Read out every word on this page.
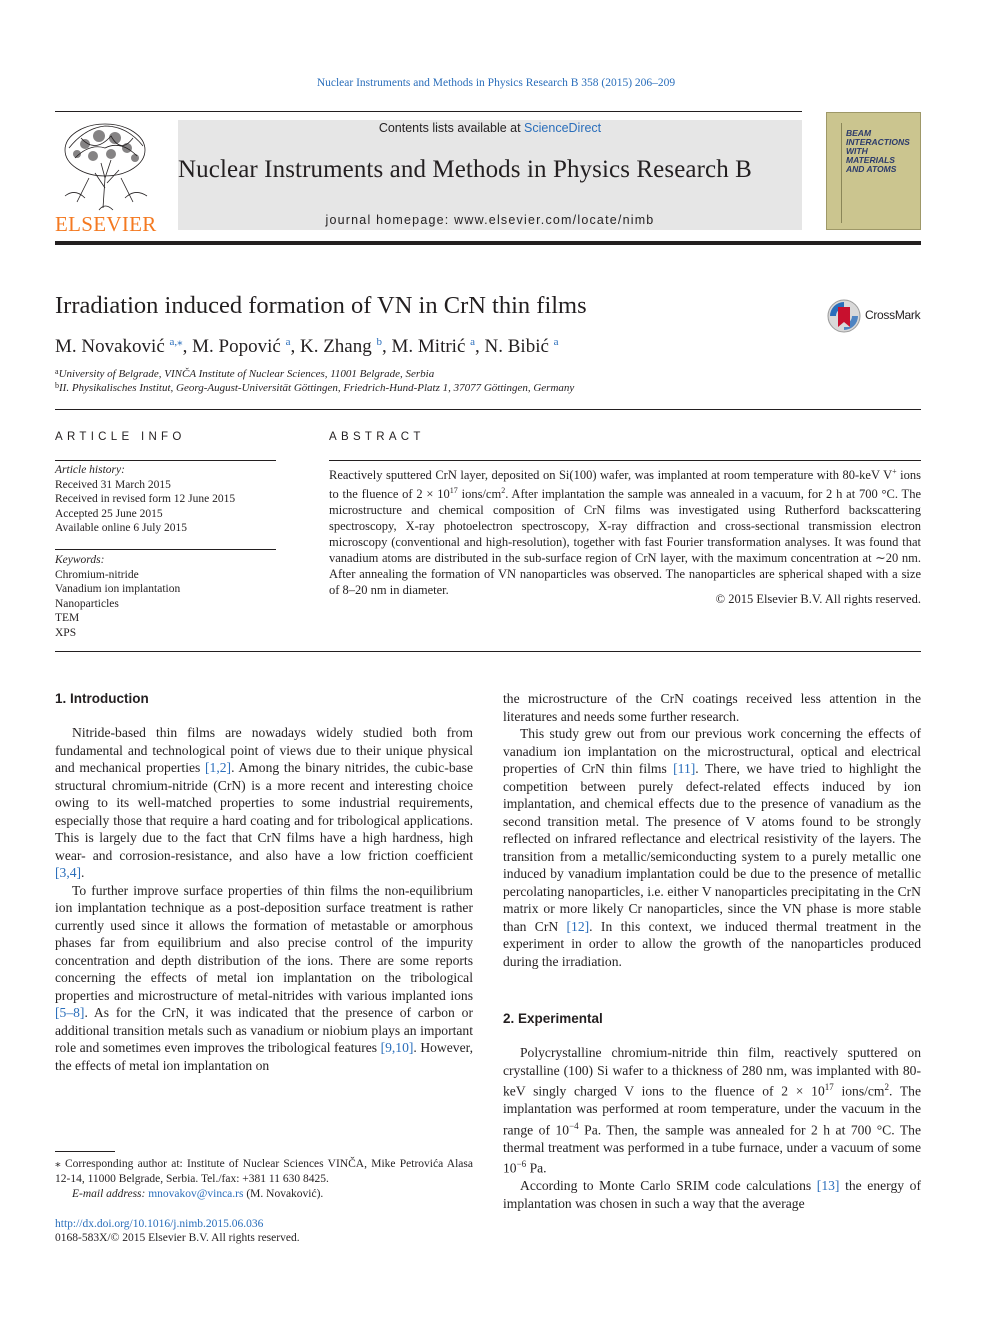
Nuclear Instruments and Methods in Physics Research B 358 (2015) 206–209
ELSEVIER
Contents lists available at ScienceDirect
Nuclear Instruments and Methods in Physics Research B
journal homepage: www.elsevier.com/locate/nimb
BEAM
INTERACTIONS
WITH
MATERIALS
AND ATOMS
Irradiation induced formation of VN in CrN thin films	CrossMark
M. Novaković $^{a,⁎}$, M. Popović $^a$, K. Zhang $^b$, M. Mitrić $^a$, N. Bibić $^a$
$^a$University of Belgrade, VINČA Institute of Nuclear Sciences, 11001 Belgrade, Serbia
$^b$II. Physikalisches Institut, Georg-August-Universität Göttingen, Friedrich-Hund-Platz 1, 37077 Göttingen, Germany
ARTICLE INFO
Article history:
Received 31 March 2015
Received in revised form 12 June 2015
Accepted 25 June 2015
Available online 6 July 2015
Keywords:
Chromium-nitride
Vanadium ion implantation
Nanoparticles
TEM
XPS
ABSTRACT
Reactively sputtered CrN layer, deposited on Si(100) wafer, was implanted at room temperature with 80-keV V+ ions to the fluence of $2 \times 10^{17}$ ions/$cm^2$. After implantation the sample was annealed in a vacuum, for 2 h at 700 °C. The microstructure and chemical composition of CrN films was investigated using Rutherford backscattering spectroscopy, X-ray photoelectron spectroscopy, X-ray diffraction and cross-sectional transmission electron microscopy (conventional and high-resolution), together with fast Fourier transformation analyses. It was found that vanadium atoms are distributed in the sub-surface region of CrN layer, with the maximum concentration at ∼20 nm. After annealing the formation of VN nanoparticles was observed. The nanoparticles are spherical shaped with a size of 8–20 nm in diameter.
© 2015 Elsevier B.V. All rights reserved.
1. Introduction

Nitride-based thin films are nowadays widely studied both from fundamental and technological point of views due to their unique physical and mechanical properties [1,2]. Among the binary nitrides, the cubic-base structural chromium-nitride (CrN) is a more recent and interesting choice owing to its well-matched properties to some industrial requirements, especially those that require a hard coating and for tribological applications. This is largely due to the fact that CrN films have a high hardness, high wear- and corrosion-resistance, and also have a low friction coefficient [3,4].

To further improve surface properties of thin films the non-equilibrium ion implantation technique as a post-deposition surface treatment is rather currently used since it allows the formation of metastable or amorphous phases far from equilibrium and also precise control of the impurity concentration and depth distribution of the ions. There are some reports concerning the effects of metal ion implantation on the tribological properties and microstructure of metal-nitrides with various implanted ions [5–8]. As for the CrN, it was indicated that the presence of carbon or additional transition metals such as vanadium or niobium plays an important role and sometimes even improves the tribological features [9,10]. However, the effects of metal ion implantation on

⁎ Corresponding author at: Institute of Nuclear Sciences VINČA, Mike Petrovića Alasa 12-14, 11000 Belgrade, Serbia. Tel./fax: +381 11 630 8425.
E-mail address: mnovakov@vinca.rs (M. Novaković).
http://dx.doi.org/10.1016/j.nimb.2015.06.036
0168-583X/© 2015 Elsevier B.V. All rights reserved.

the microstructure of the CrN coatings received less attention in the literatures and needs some further research.

This study grew out from our previous work concerning the effects of vanadium ion implantation on the microstructural, optical and electrical properties of CrN thin films [11]. There, we have tried to highlight the competition between purely defect-related effects induced by ion implantation, and chemical effects due to the presence of vanadium as the second transition metal. The presence of V atoms found to be strongly reflected on infrared reflectance and electrical resistivity of the layers. The transition from a metallic/semiconducting system to a purely metallic one induced by vanadium implantation could be due to the presence of metallic percolating nanoparticles, i.e. either V nanoparticles precipitating in the CrN matrix or more likely Cr nanoparticles, since the VN phase is more stable than CrN [12]. In this context, we induced thermal treatment in the experiment in order to allow the growth of the nanoparticles produced during the irradiation.

2. Experimental

Polycrystalline chromium-nitride thin film, reactively sputtered on crystalline (100) Si wafer to a thickness of 280 nm, was implanted with 80-keV singly charged V ions to the fluence of $2 \times 10^{17}$ ions/$cm^2$. The implantation was performed at room temperature, under the vacuum in the range of $10^{-4}$ Pa. Then, the sample was annealed for 2 h at 700 °C. The thermal treatment was performed in a tube furnace, under a vacuum of some $10^{-6}$ Pa.

According to Monte Carlo SRIM code calculations [13] the energy of implantation was chosen in such a way that the average
